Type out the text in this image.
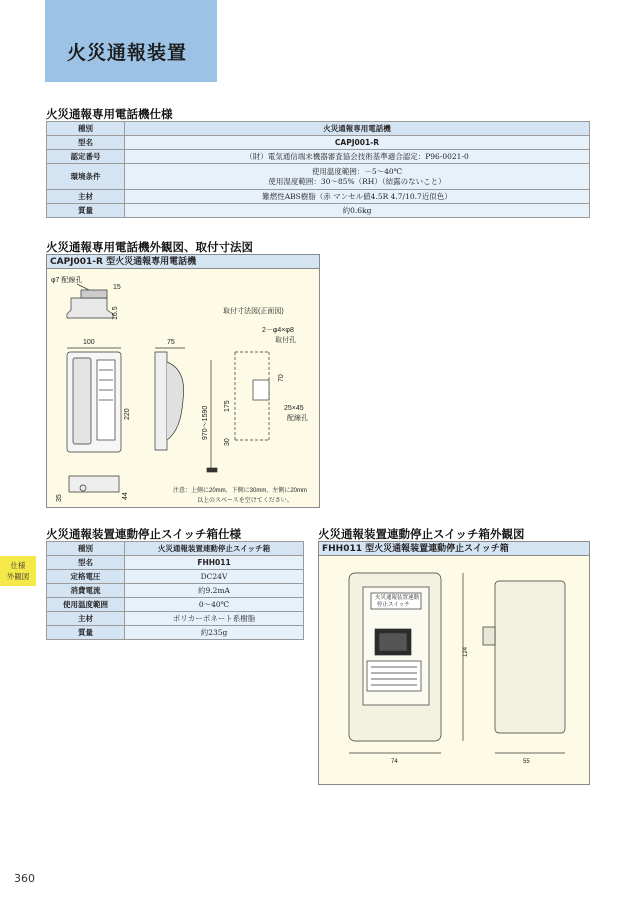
火災通報装置
火災通報専用電話機仕様
種別	火災通報専用電話機
型名	CAPJ001-R
認定番号	（財）電気通信端末機器審査協会技術基準適合認定：P96-0021-0
環境条件	使用温度範囲：－5～40℃
使用湿度範囲：30～85%（RH）（結露のないこと）

主材	難燃性ABS樹脂（赤 マンセル値4.5R 4.7/10.7近似色）
質量	約0.6kg
火災通報専用電話機外観図、取付寸法図
CAPJ001-R 型火災通報専用電話機
φ7 配線孔
15
16.5
100
220
75
取付寸法図(正面図)
2－φ4×φ8
取付孔
70
25×45
配線孔
970～1590 175
30
35	44
注意：上側に20mm、下側に30mm、左側に20mm
以上のスペースを空けてください。
火災通報装置連動停止スイッチ箱仕様
種別	火災通報装置連動停止スイッチ箱
型名	FHH011
定格電圧	DC24V
消費電流	約9.2mA
使用温度範囲	0～40℃
主材	ポリカーボネート系樹脂
質量	約235g
火災通報装置連動停止スイッチ箱外観図
FHH011 型火災通報装置連動停止スイッチ箱
火災通報装置連動
停止スイッチ
74
124
55
仕様
外観図
360
